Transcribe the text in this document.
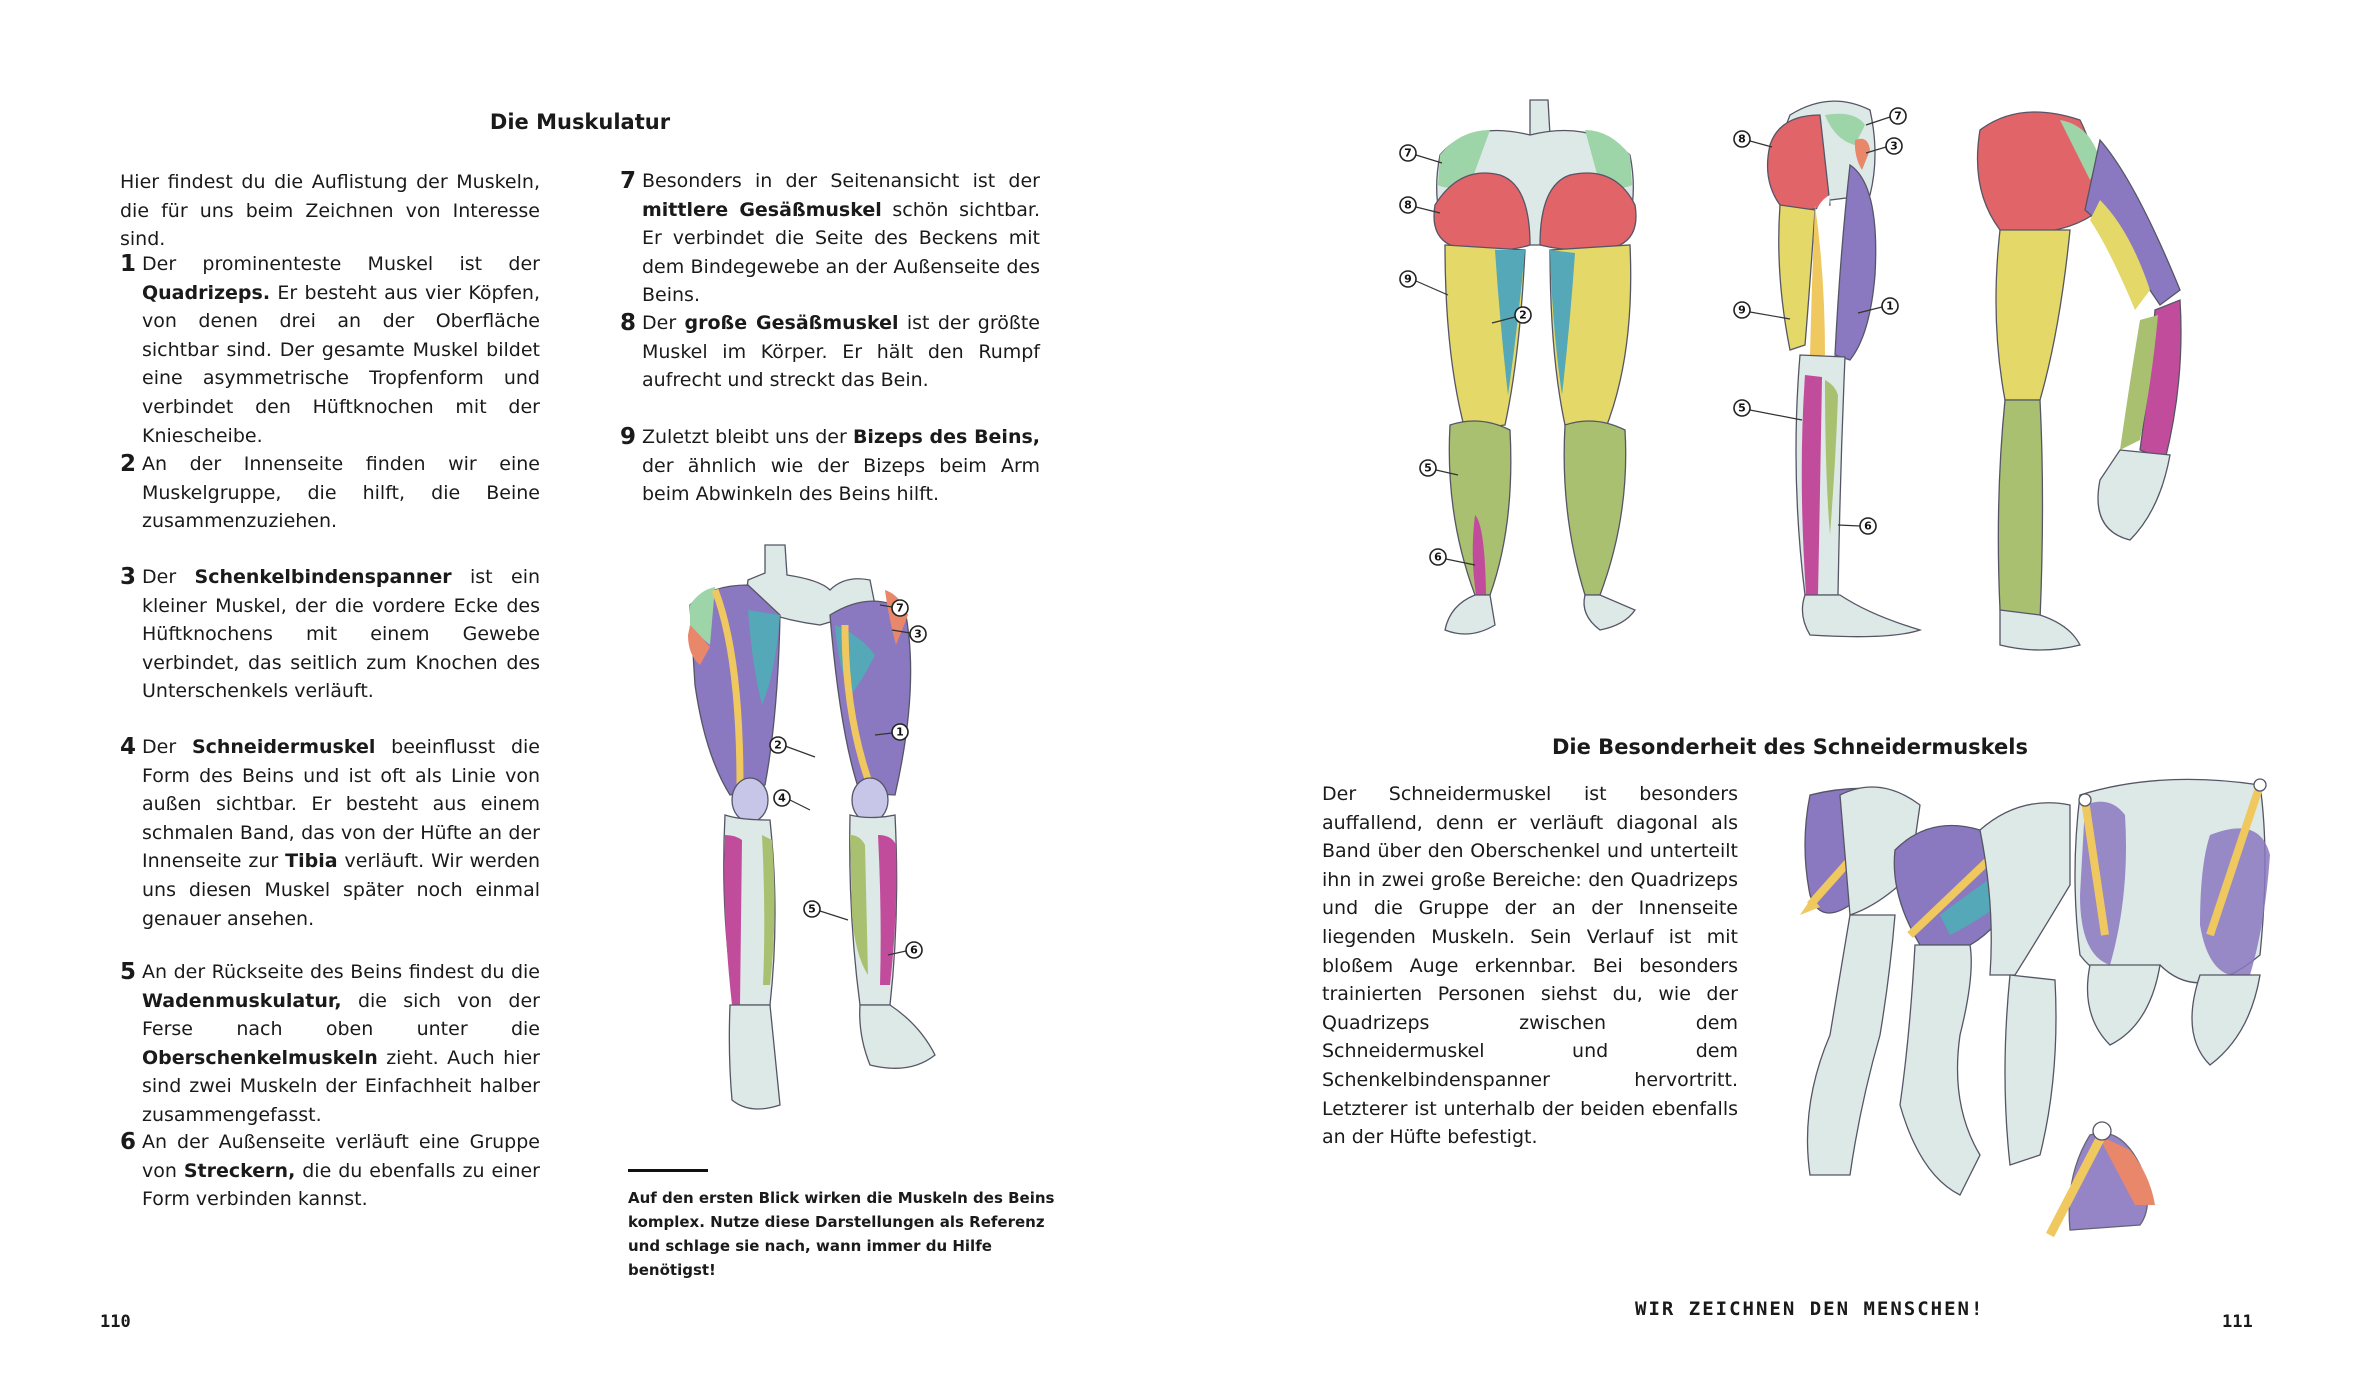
Die Muskulatur
Hier findest du die Auflistung der Muskeln, die für uns beim Zeichnen von Interesse sind.
1 Der prominenteste Muskel ist der Quadrizeps. Er besteht aus vier Köpfen, von denen drei an der Oberfläche sichtbar sind. Der gesamte Muskel bildet eine asymmetrische Tropfenform und verbindet den Hüftknochen mit der Kniescheibe.
2 An der Innenseite finden wir eine Muskelgruppe, die hilft, die Beine zusammenzuziehen.
3 Der Schenkelbindenspanner ist ein kleiner Muskel, der die vordere Ecke des Hüftknochens mit einem Gewebe verbindet, das seitlich zum Knochen des Unterschenkels verläuft.
4 Der Schneidermuskel beeinflusst die Form des Beins und ist oft als Linie von außen sichtbar. Er besteht aus einem schmalen Band, das von der Hüfte an der Innenseite zur Tibia verläuft. Wir werden uns diesen Muskel später noch einmal genauer ansehen.
5 An der Rückseite des Beins findest du die Wadenmuskulatur, die sich von der Ferse nach oben unter die Oberschenkelmuskeln zieht. Auch hier sind zwei Muskeln der Einfachheit halber zusammengefasst.
6 An der Außenseite verläuft eine Gruppe von Streckern, die du ebenfalls zu einer Form verbinden kannst.
7 Besonders in der Seitenansicht ist der mittlere Gesäßmuskel schön sichtbar. Er verbindet die Seite des Beckens mit dem Bindegewebe an der Außenseite des Beins.
8 Der große Gesäßmuskel ist der größte Muskel im Körper. Er hält den Rumpf aufrecht und streckt das Bein.
9 Zuletzt bleibt uns der Bizeps des Beins, der ähnlich wie der Bizeps beim Arm beim Abwinkeln des Beins hilft.
7
3
1
2
4
5
6
Auf den ersten Blick wirken die Muskeln des Beins komplex. Nutze diese Darstellungen als Referenz und schlage sie nach, wann immer du Hilfe benötigst!
110
7
8
9
2
5
6
8
7
3
9	1
5
6
Die Besonderheit des Schneidermuskels
Der Schneidermuskel ist besonders auffallend, denn er verläuft diagonal als Band über den Oberschenkel und unterteilt ihn in zwei große Bereiche: den Quadrizeps und die Gruppe der an der Innenseite liegenden Muskeln. Sein Verlauf ist mit bloßem Auge erkennbar. Bei besonders trainierten Personen siehst du, wie der Quadrizeps zwischen dem Schneidermuskel und dem Schenkelbindenspanner hervortritt. Letzterer ist unterhalb der beiden ebenfalls an der Hüfte befestigt.
WIR ZEICHNEN DEN MENSCHEN!
111
